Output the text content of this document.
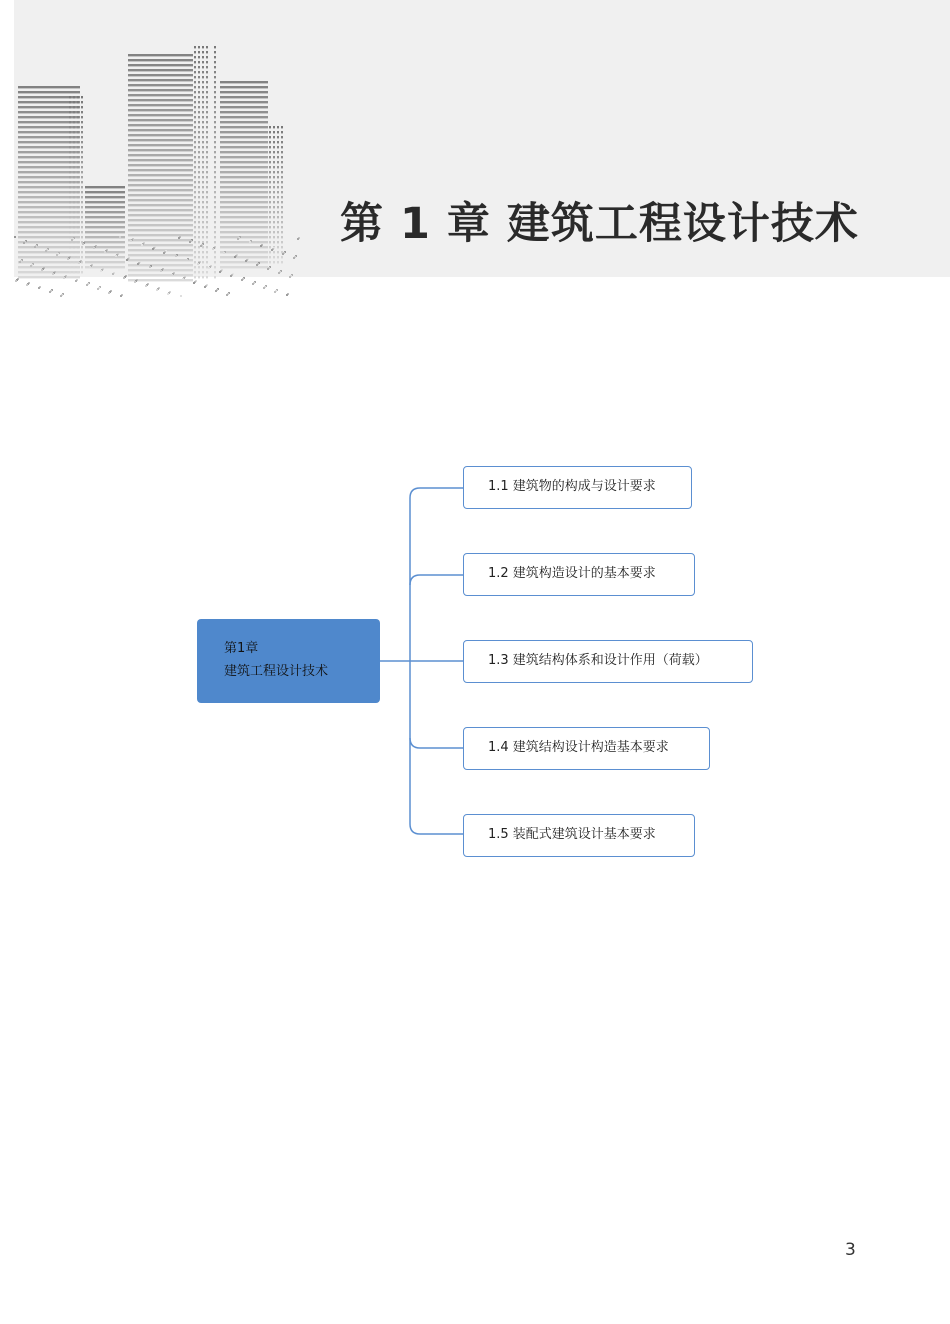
第 1 章 建筑工程设计技术
第1章
建筑工程设计技术
1.1 建筑物的构成与设计要求
1.2 建筑构造设计的基本要求
1.3 建筑结构体系和设计作用（荷载）
1.4 建筑结构设计构造基本要求
1.5 装配式建筑设计基本要求
3
